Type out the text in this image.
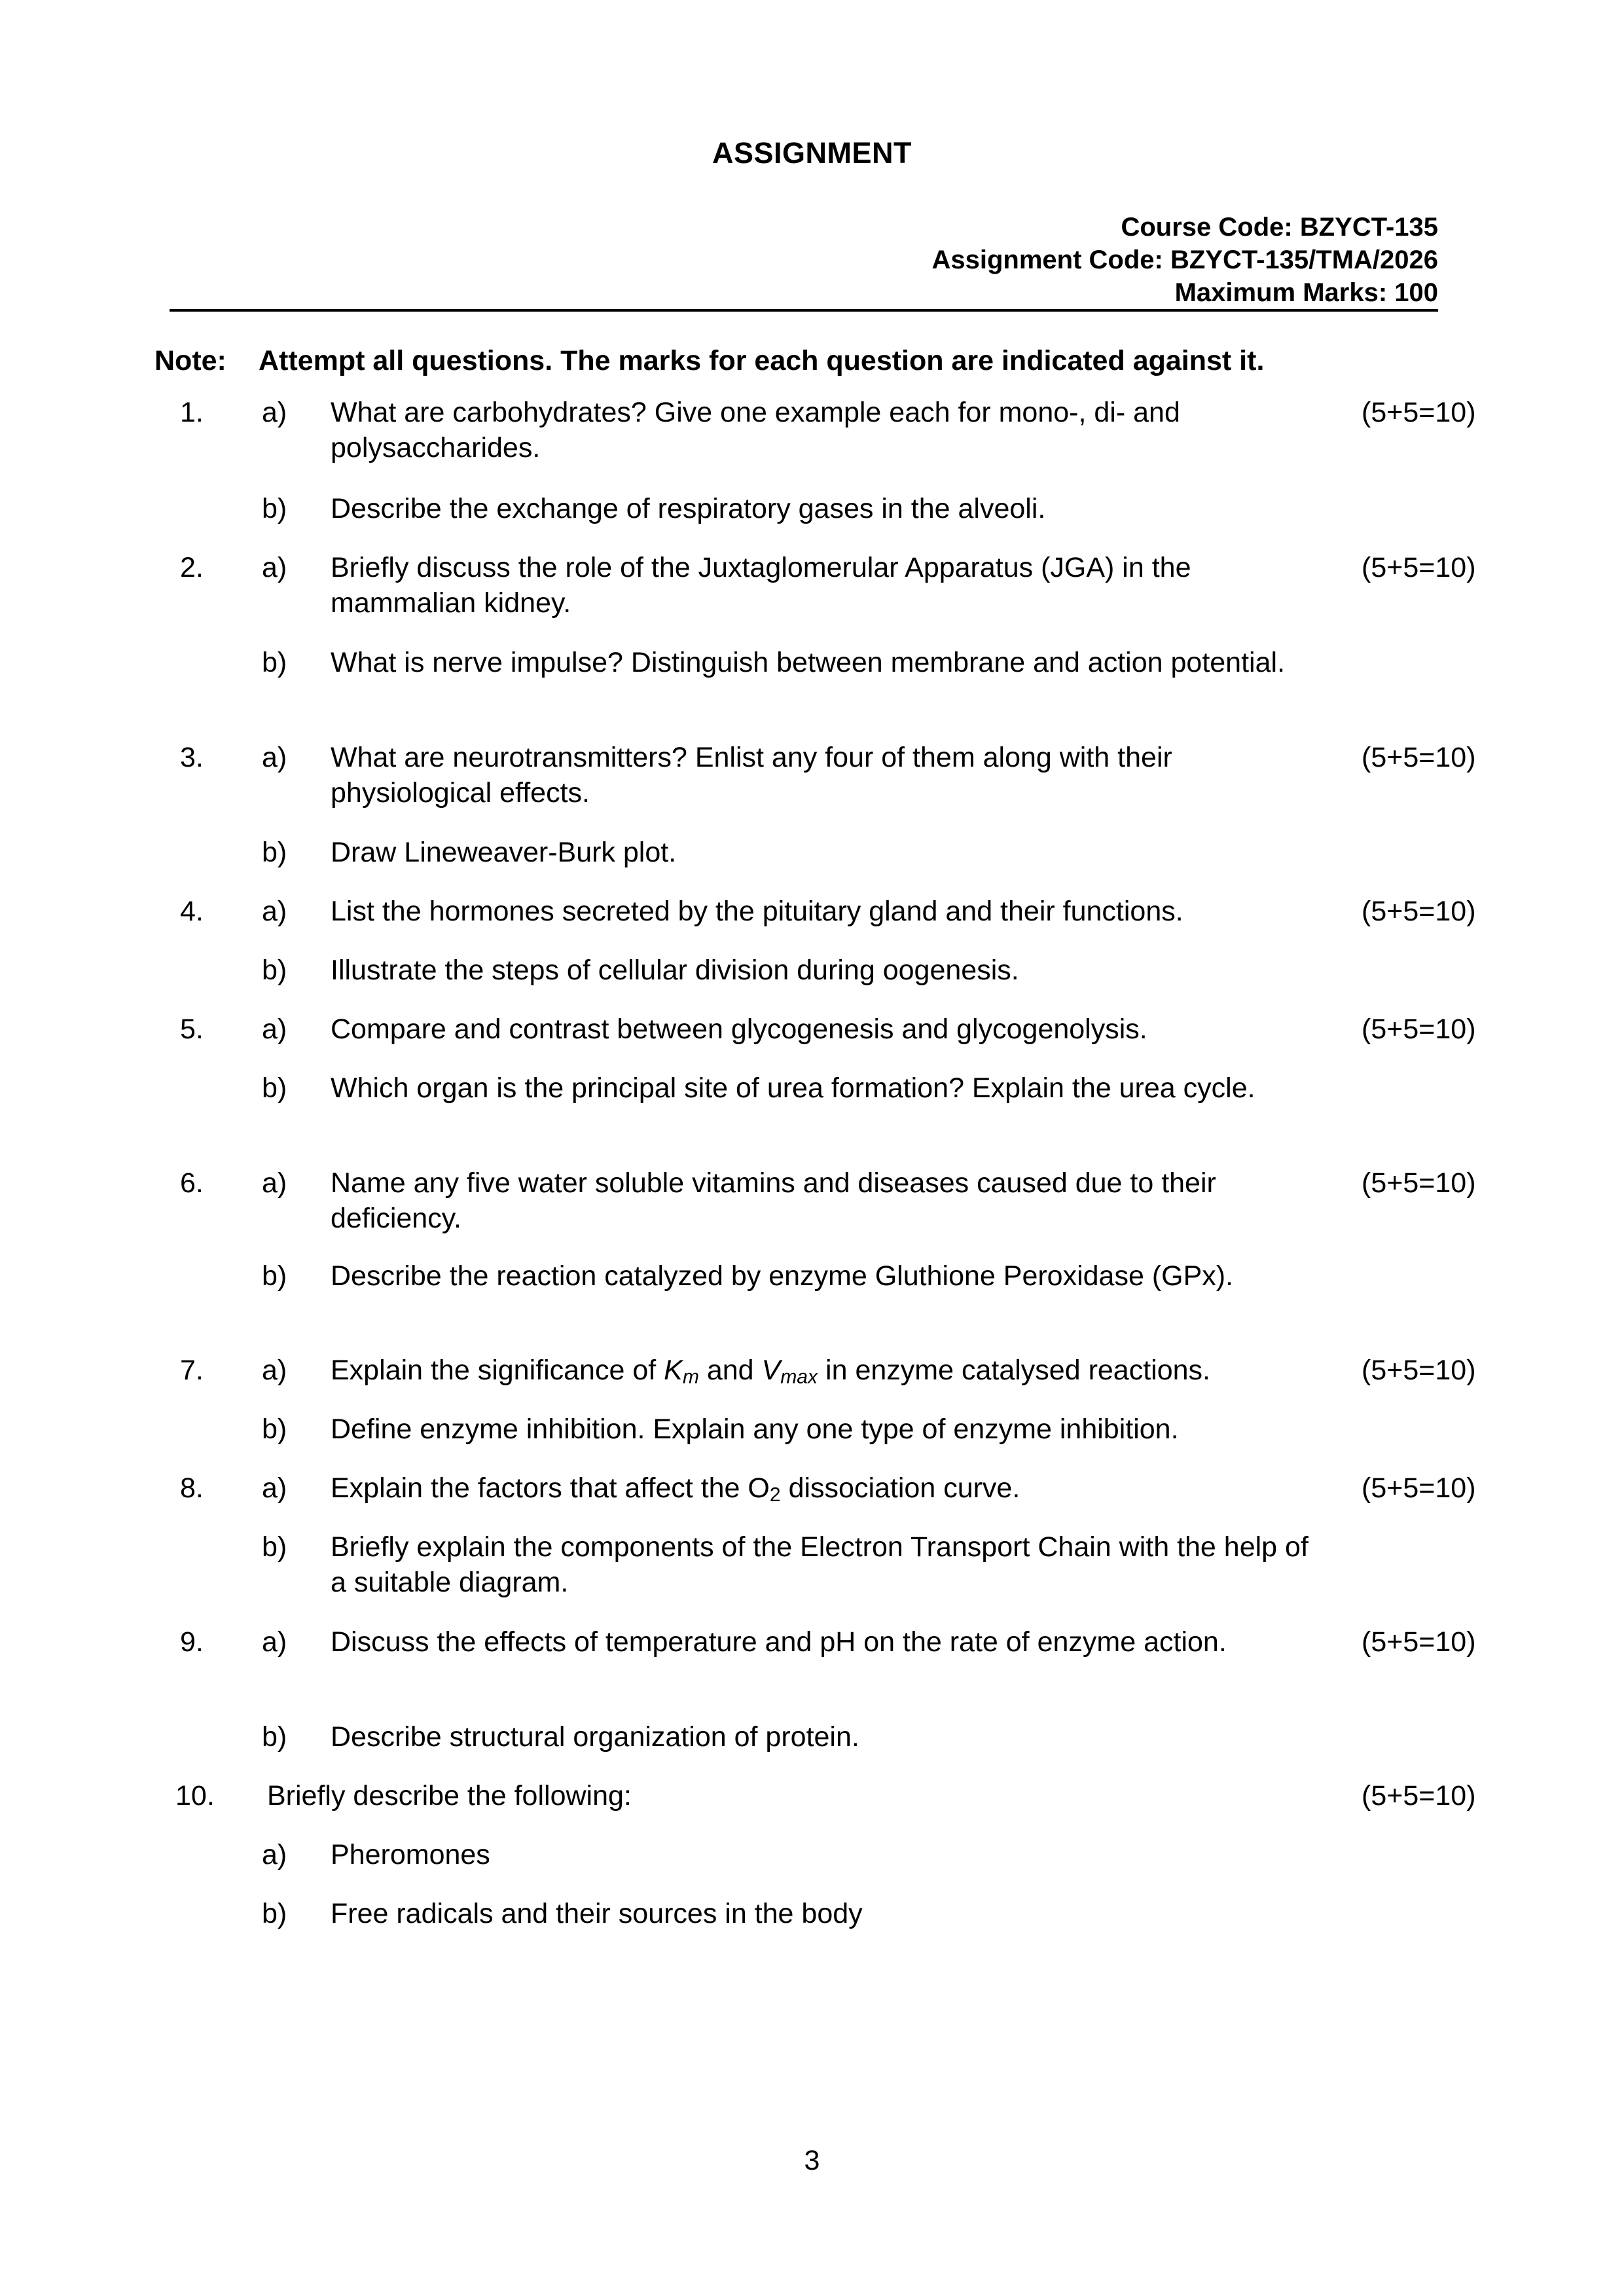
ASSIGNMENT
Course Code: BZYCT-135
Assignment Code: BZYCT-135/TMA/2026
Maximum Marks: 100
Note: Attempt all questions. The marks for each question are indicated against it.
1. a) What are carbohydrates? Give one example each for mono-, di- and polysaccharides.
(5+5=10)
b) Describe the exchange of respiratory gases in the alveoli.
2. a) Briefly discuss the role of the Juxtaglomerular Apparatus (JGA) in the mammalian kidney.
(5+5=10)
b) What is nerve impulse? Distinguish between membrane and action potential.
3. a) What are neurotransmitters? Enlist any four of them along with their physiological effects.
(5+5=10)
b) Draw Lineweaver-Burk plot.
4. a) List the hormones secreted by the pituitary gland and their functions.	(5+5=10)
b) Illustrate the steps of cellular division during oogenesis.
5. a) Compare and contrast between glycogenesis and glycogenolysis.	(5+5=10)
b) Which organ is the principal site of urea formation? Explain the urea cycle.
6. a) Name any five water soluble vitamins and diseases caused due to their deficiency.
(5+5=10)
b) Describe the reaction catalyzed by enzyme Gluthione Peroxidase (GPx).
7. a) Explain the significance of $K_m$ and $V_{max}$ in enzyme catalysed reactions.	(5+5=10)
b) Define enzyme inhibition. Explain any one type of enzyme inhibition.
8. a) Explain the factors that affect the $O_2$ dissociation curve.	(5+5=10)
b) Briefly explain the components of the Electron Transport Chain with the help of a suitable diagram.
9. a) Discuss the effects of temperature and pH on the rate of enzyme action.	(5+5=10)
b) Describe structural organization of protein.
10. Briefly describe the following:	(5+5=10)
a) Pheromones
b) Free radicals and their sources in the body
3
